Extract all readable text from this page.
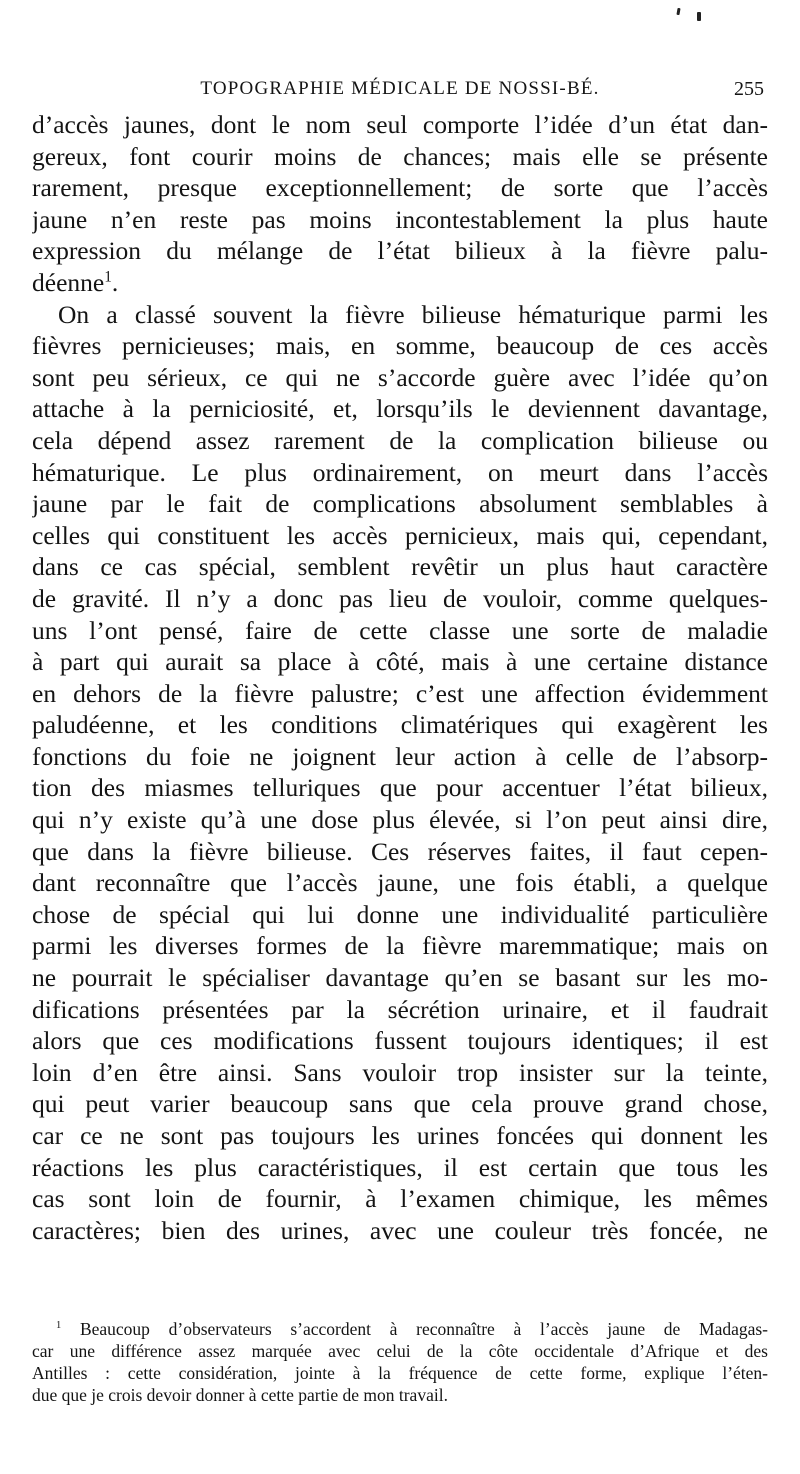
TOPOGRAPHIE MÉDICALE DE NOSSI-BÉ.	255
d’accès jaunes, dont le nom seul comporte l’idée d’un état dan-
gereux, font courir moins de chances; mais elle se présente
rarement, presque exceptionnellement; de sorte que l’accès
jaune n’en reste pas moins incontestablement la plus haute
expression du mélange de l’état bilieux à la fièvre palu-
déenne$^1$.
On a classé souvent la fièvre bilieuse hématurique parmi les
fièvres pernicieuses; mais, en somme, beaucoup de ces accès
sont peu sérieux, ce qui ne s’accorde guère avec l’idée qu’on
attache à la perniciosité, et, lorsqu’ils le deviennent davantage,
cela dépend assez rarement de la complication bilieuse ou
hématurique. Le plus ordinairement, on meurt dans l’accès
jaune par le fait de complications absolument semblables à
celles qui constituent les accès pernicieux, mais qui, cependant,
dans ce cas spécial, semblent revêtir un plus haut caractère
de gravité. Il n’y a donc pas lieu de vouloir, comme quelques-
uns l’ont pensé, faire de cette classe une sorte de maladie
à part qui aurait sa place à côté, mais à une certaine distance
en dehors de la fièvre palustre; c’est une affection évidemment
paludéenne, et les conditions climatériques qui exagèrent les
fonctions du foie ne joignent leur action à celle de l’absorp-
tion des miasmes telluriques que pour accentuer l’état bilieux,
qui n’y existe qu’à une dose plus élevée, si l’on peut ainsi dire,
que dans la fièvre bilieuse. Ces réserves faites, il faut cepen-
dant reconnaître que l’accès jaune, une fois établi, a quelque
chose de spécial qui lui donne une individualité particulière
parmi les diverses formes de la fièvre maremmatique; mais on
ne pourrait le spécialiser davantage qu’en se basant sur les mo-
difications présentées par la sécrétion urinaire, et il faudrait
alors que ces modifications fussent toujours identiques; il est
loin d’en être ainsi. Sans vouloir trop insister sur la teinte,
qui peut varier beaucoup sans que cela prouve grand chose,
car ce ne sont pas toujours les urines foncées qui donnent les
réactions les plus caractéristiques, il est certain que tous les
cas sont loin de fournir, à l’examen chimique, les mêmes
caractères; bien des urines, avec une couleur très foncée, ne
$^1$ Beaucoup d’observateurs s’accordent à reconnaître à l’accès jaune de Madagas-
car une différence assez marquée avec celui de la côte occidentale d’Afrique et des
Antilles : cette considération, jointe à la fréquence de cette forme, explique l’éten-
due que je crois devoir donner à cette partie de mon travail.
